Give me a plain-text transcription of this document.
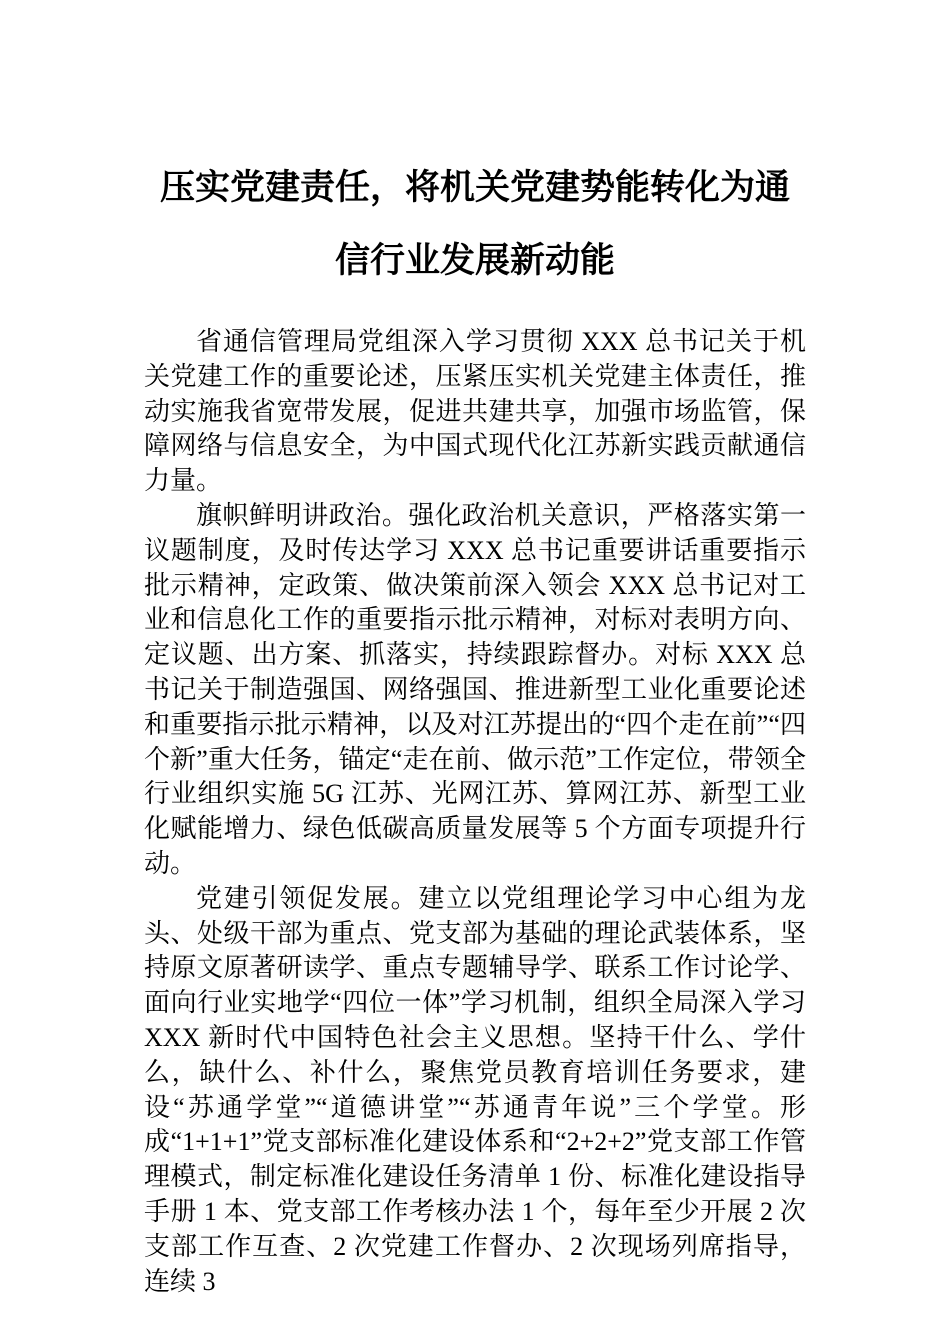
压实党建责任，将机关党建势能转化为通
信行业发展新动能

省通信管理局党组深入学习贯彻 XXX 总书记关于机关党建工作的重要论述，压紧压实机关党建主体责任，推动实施我省宽带发展，促进共建共享，加强市场监管，保障网络与信息安全，为中国式现代化江苏新实践贡献通信力量。

旗帜鲜明讲政治。强化政治机关意识，严格落实第一议题制度，及时传达学习 XXX 总书记重要讲话重要指示批示精神，定政策、做决策前深入领会 XXX 总书记对工业和信息化工作的重要指示批示精神，对标对表明方向、定议题、出方案、抓落实，持续跟踪督办。对标 XXX 总书记关于制造强国、网络强国、推进新型工业化重要论述和重要指示批示精神，以及对江苏提出的“四个走在前”“四个新”重大任务，锚定“走在前、做示范”工作定位，带领全行业组织实施 5G 江苏、光网江苏、算网江苏、新型工业化赋能增力、绿色低碳高质量发展等 5 个方面专项提升行动。

党建引领促发展。建立以党组理论学习中心组为龙头、处级干部为重点、党支部为基础的理论武装体系，坚持原文原著研读学、重点专题辅导学、联系工作讨论学、面向行业实地学“四位一体”学习机制，组织全局深入学习 XXX 新时代中国特色社会主义思想。坚持干什么、学什么，缺什么、补什么，聚焦党员教育培训任务要求，建设“苏通学堂”“道德讲堂”“苏通青年说”三个学堂。形成“1+1+1”党支部标准化建设体系和“2+2+2”党支部工作管理模式，制定标准化建设任务清单 1 份、标准化建设指导手册 1 本、党支部工作考核办法 1 个，每年至少开展 2 次支部工作互查、2 次党建工作督办、2 次现场列席指导，连续 3
